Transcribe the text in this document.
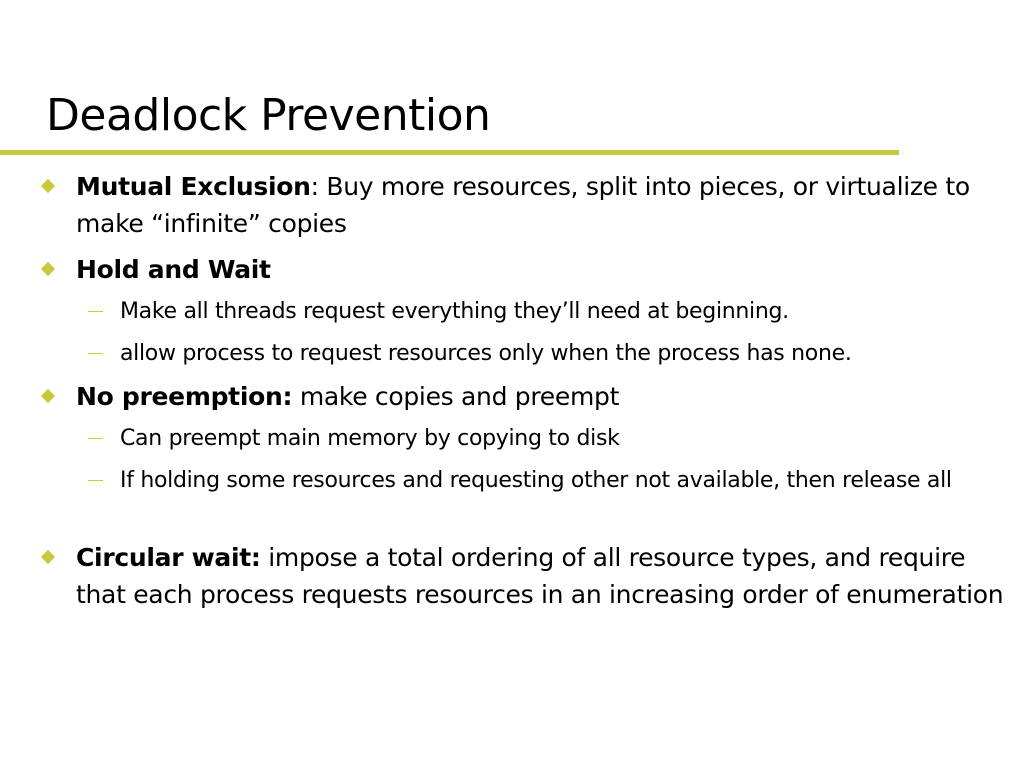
Deadlock Prevention
Mutual Exclusion: Buy more resources, split into pieces, or virtualize to make “infinite” copies
Hold and Wait
Make all threads request everything they’ll need at beginning.
allow process to request resources only when the process has none.
No preemption: make copies and preempt
Can preempt main memory by copying to disk
If holding some resources and requesting other not available, then release all
Circular wait: impose a total ordering of all resource types, and require that each process requests resources in an increasing order of enumeration
